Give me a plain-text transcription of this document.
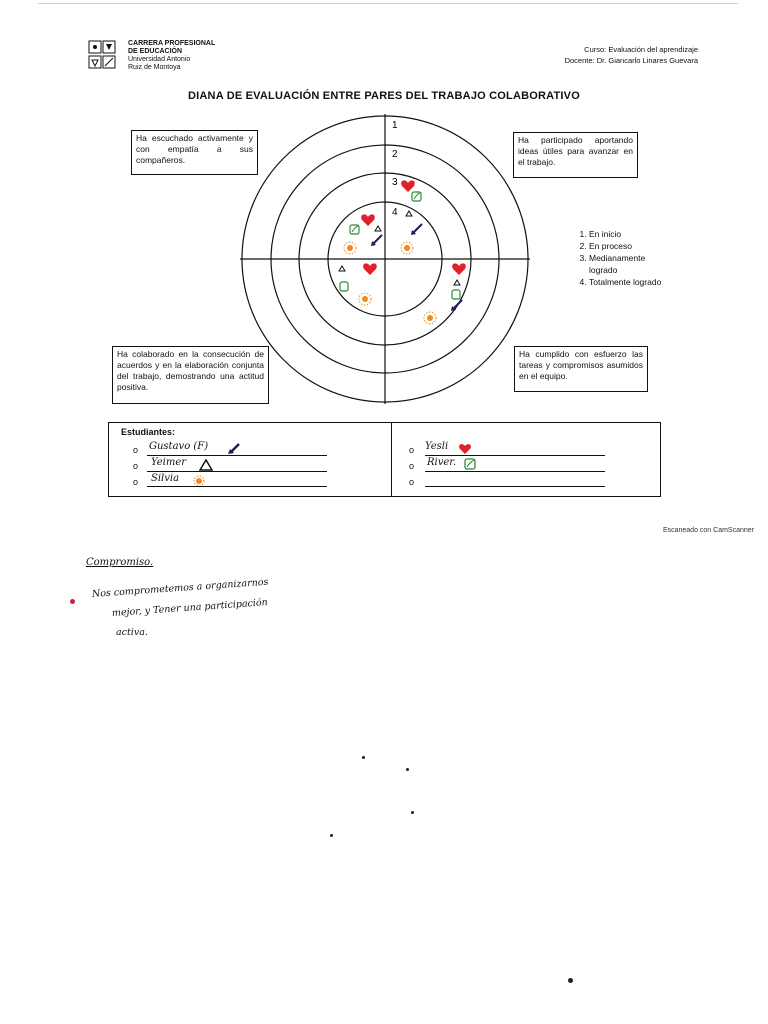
CARRERA PROFESIONAL
DE EDUCACIÓN
Universidad Antonio
Ruiz de Montoya
Curso: Evaluación del aprendizaje
Docente: Dr. Giancarlo Linares Guevara
DIANA DE EVALUACIÓN ENTRE PARES DEL TRABAJO COLABORATIVO
1
2
3
4
Ha escuchado activamente y con empatía a sus compañeros.
Ha participado aportando ideas útiles para avanzar en el trabajo.
Ha colaborado en la consecución de acuerdos y en la elaboración conjunta del trabajo, demostrando una actitud positiva.
Ha cumplido con esfuerzo las tareas y compromisos asumidos en el equipo.
1. En inicio
2. En proceso
3. Medianamente logrado
4. Totalmente logrado
Estudiantes:
o Gustavo (F)
o Yeimer
o Silvia
o Yesli
o River.
o
Escaneado con CamScanner
Compromiso.
Nos comprometemos a organizarnos
mejor, y Tener una participación
activa.
